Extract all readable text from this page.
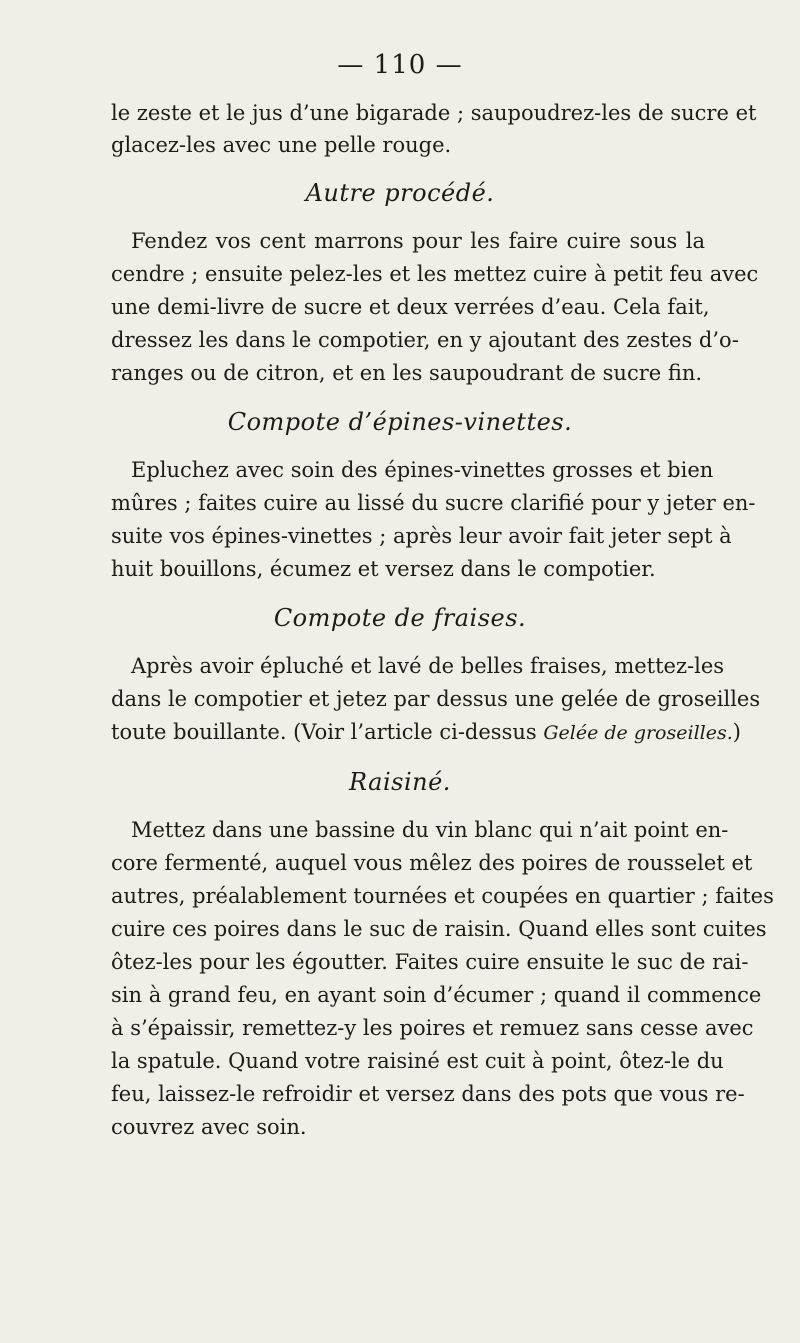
— 110 —
le zeste et le jus d’une bigarade ; saupoudrez-les de sucre et
glacez-les avec une pelle rouge.
Autre procédé.
Fendez vos cent marrons pour les faire cuire sous la
cendre ; ensuite pelez-les et les mettez cuire à petit feu avec
une demi-livre de sucre et deux verrées d’eau. Cela fait,
dressez les dans le compotier, en y ajoutant des zestes d’o-
ranges ou de citron, et en les saupoudrant de sucre fin.
Compote d’épines-vinettes.
Epluchez avec soin des épines-vinettes grosses et bien
mûres ; faites cuire au lissé du sucre clarifié pour y jeter en-
suite vos épines-vinettes ; après leur avoir fait jeter sept à
huit bouillons, écumez et versez dans le compotier.
Compote de fraises.
Après avoir épluché et lavé de belles fraises, mettez-les
dans le compotier et jetez par dessus une gelée de groseilles
toute bouillante. (Voir l’article ci-dessus Gelée de groseilles.)
Raisiné.
Mettez dans une bassine du vin blanc qui n’ait point en-
core fermenté, auquel vous mêlez des poires de rousselet et
autres, préalablement tournées et coupées en quartier ; faites
cuire ces poires dans le suc de raisin. Quand elles sont cuites
ôtez-les pour les égoutter. Faites cuire ensuite le suc de rai-
sin à grand feu, en ayant soin d’écumer ; quand il commence
à s’épaissir, remettez-y les poires et remuez sans cesse avec
la spatule. Quand votre raisiné est cuit à point, ôtez-le du
feu, laissez-le refroidir et versez dans des pots que vous re-
couvrez avec soin.
